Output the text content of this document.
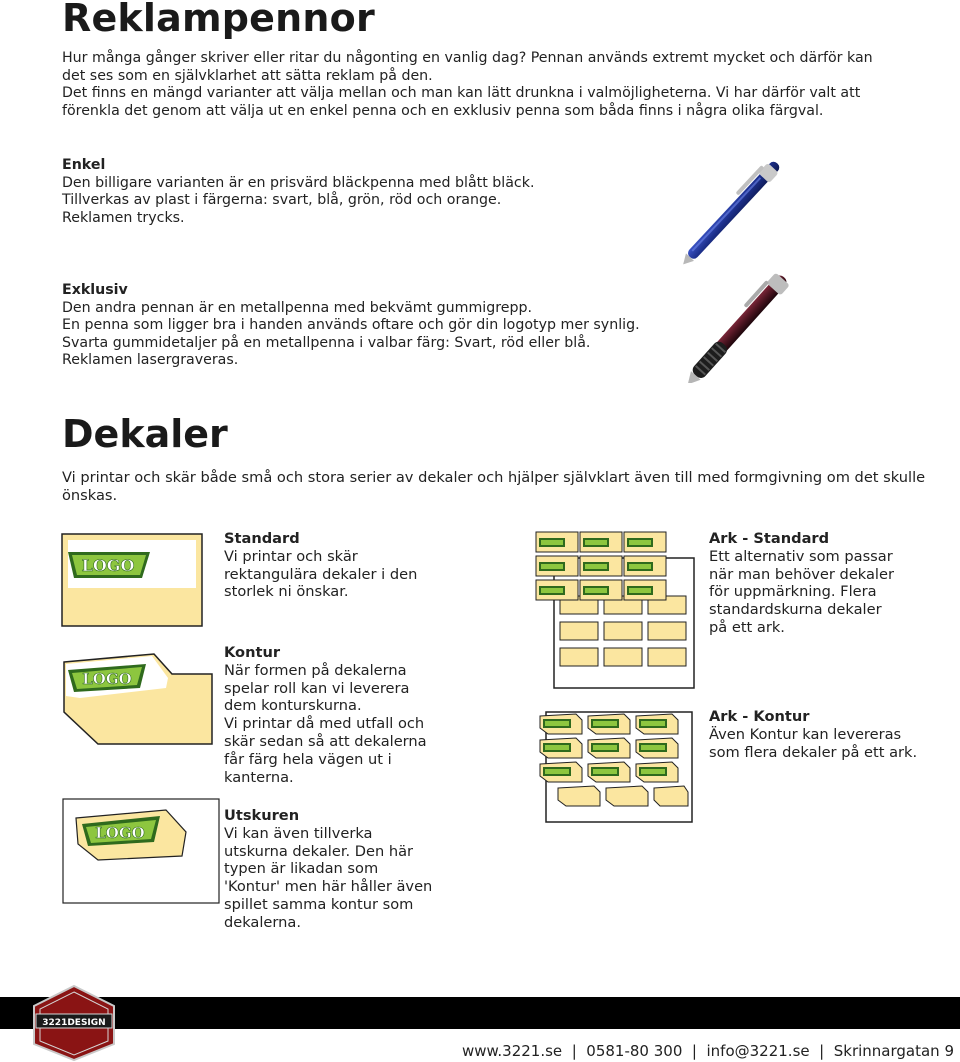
Reklampennor

Hur många gånger skriver eller ritar du någonting en vanlig dag? Pennan används extremt mycket och därför kan

det ses som en självklarhet att sätta reklam på den.

Det finns en mängd varianter att välja mellan och man kan lätt drunkna i valmöjligheterna. Vi har därför valt att

förenkla det genom att välja ut en enkel penna och en exklusiv penna som båda finns i några olika färgval.

Enkel

Den billigare varianten är en prisvärd bläckpenna med blått bläck.

Tillverkas av plast i färgerna: svart, blå, grön, röd och orange.

Reklamen trycks.

Exklusiv

Den andra pennan är en metallpenna med bekvämt gummigrepp.

En penna som ligger bra i handen används oftare och gör din logotyp mer synlig.

Svarta gummidetaljer på en metallpenna i valbar färg: Svart, röd eller blå.

Reklamen lasergraveras.

Dekaler

Vi printar och skär både små och stora serier av dekaler och hjälper självklart även till med formgivning om det skulle

önskas.

LOGO
LOGO
LOGO

Standard

Vi printar och skär

rektangulära dekaler i den

storlek ni önskar.

Kontur

När formen på dekalerna

spelar roll kan vi leverera

dem konturskurna.

Vi printar då med utfall och

skär sedan så att dekalerna

får färg hela vägen ut i

kanterna.

Utskuren

Vi kan även tillverka

utskurna dekaler. Den här

typen är likadan som

'Kontur' men här håller även

spillet samma kontur som

dekalerna.

Ark - Standard

Ett alternativ som passar

när man behöver dekaler

för uppmärkning. Flera

standardskurna dekaler

på ett ark.

Ark - Kontur

Även Kontur kan levereras

som flera dekaler på ett ark.

3221DESIGN
www.3221.se  |  0581-80 300  |  info@3221.se  |  Skrinnargatan 9
